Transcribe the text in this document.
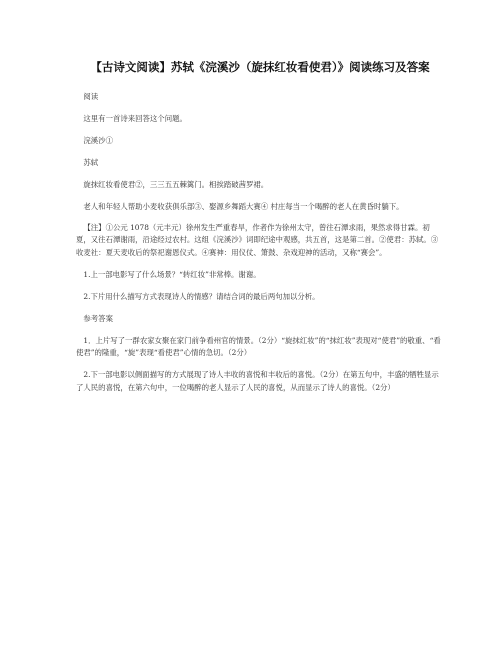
【古诗文阅读】苏轼《浣溪沙（旋抹红妆看使君）》阅读练习及答案

阅读

这里有一首诗来回答这个问题。

浣溪沙①

苏轼

旋抹红妆看使君②，三三五五棘篱门。相挨踏破茜罗裙。

老人和年轻人帮助小麦收获俱乐部③、娶源乡舞蹈大赛④ 村庄每当一个喝醉的老人在黄昏时躺下。

【注】①公元 1078（元丰元）徐州发生严重春旱，作者作为徐州太守，曾往石潭求雨，果然求得甘霖。初夏，又往石潭谢雨，沿途经过农村。这组《浣溪沙》词即纪途中观感，共五首，这是第二首。②使君：苏轼。③收麦社：夏天麦收后的祭祀谢恩仪式。④赛神：用仪仗、箫鼓、杂戏迎神的活动，又称“赛会”。

1.上一部电影写了什么场景？“转红妆”非常棒。谢谢。

2.下片用什么描写方式表现诗人的情感？请结合词的最后两句加以分析。

参考答案

1．上片写了一群农家女聚在家门前争看州官的情景。（2分）“旋抹红妆”的“抹红妆”表现对“使君”的敬重、“看使君”的隆重，“旋”表现“看使君”心情的急切。（2分）

2.下一部电影以侧面描写的方式展现了诗人丰收的喜悦和丰收后的喜悦。（2分）在第五句中，丰盛的牺牲显示了人民的喜悦，在第六句中，一位喝醉的老人显示了人民的喜悦，从而显示了诗人的喜悦。（2分）
